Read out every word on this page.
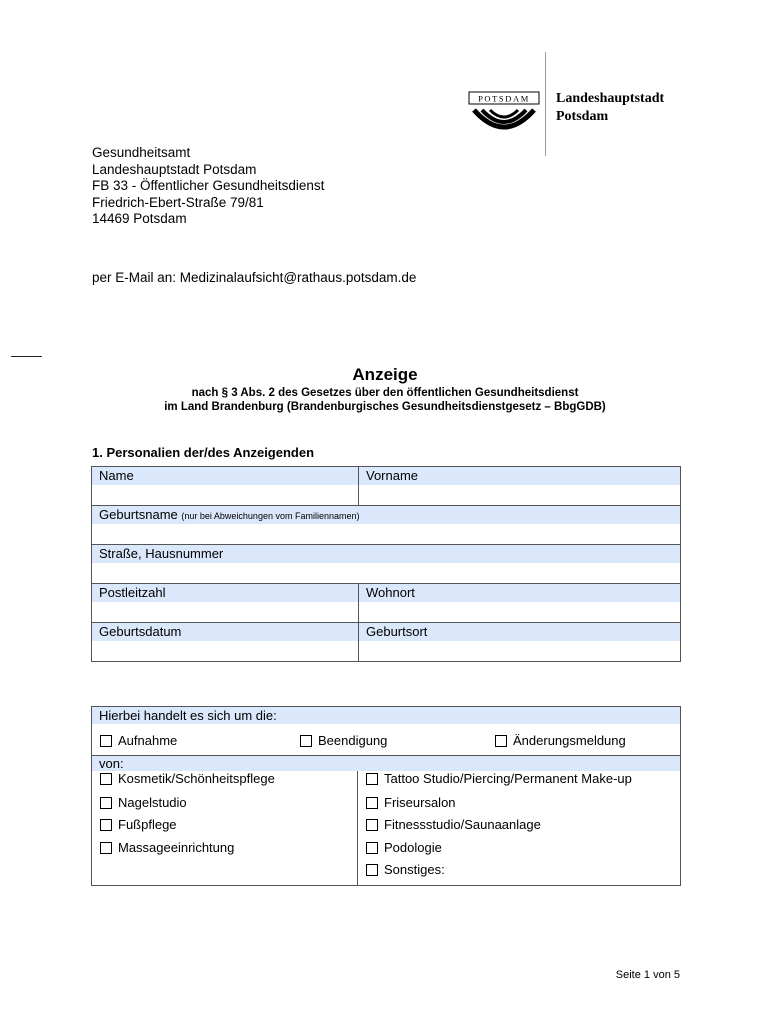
POTSDAM Landeshauptstadt
Potsdam
Gesundheitsamt
Landeshauptstadt Potsdam
FB 33 - Öffentlicher Gesundheitsdienst
Friedrich-Ebert-Straße 79/81
14469 Potsdam
per E-Mail an: Medizinalaufsicht@rathaus.potsdam.de
Anzeige
nach § 3 Abs. 2 des Gesetzes über den öffentlichen Gesundheitsdienst
im Land Brandenburg (Brandenburgisches Gesundheitsdienstgesetz – BbgGDB)
1. Personalien der/des Anzeigenden
Name	Vorname
Geburtsname (nur bei Abweichungen vom Familiennamen)
Straße, Hausnummer
Postleitzahl	Wohnort
Geburtsdatum	Geburtsort
Hierbei handelt es sich um die:
Aufnahme	Beendigung	Änderungsmeldung
von:
Kosmetik/Schönheitspflege
Nagelstudio
Fußpflege
Massageeinrichtung
Tattoo Studio/Piercing/Permanent Make-up
Friseursalon
Fitnessstudio/Saunaanlage
Podologie
Sonstiges:
Seite 1 von 5
